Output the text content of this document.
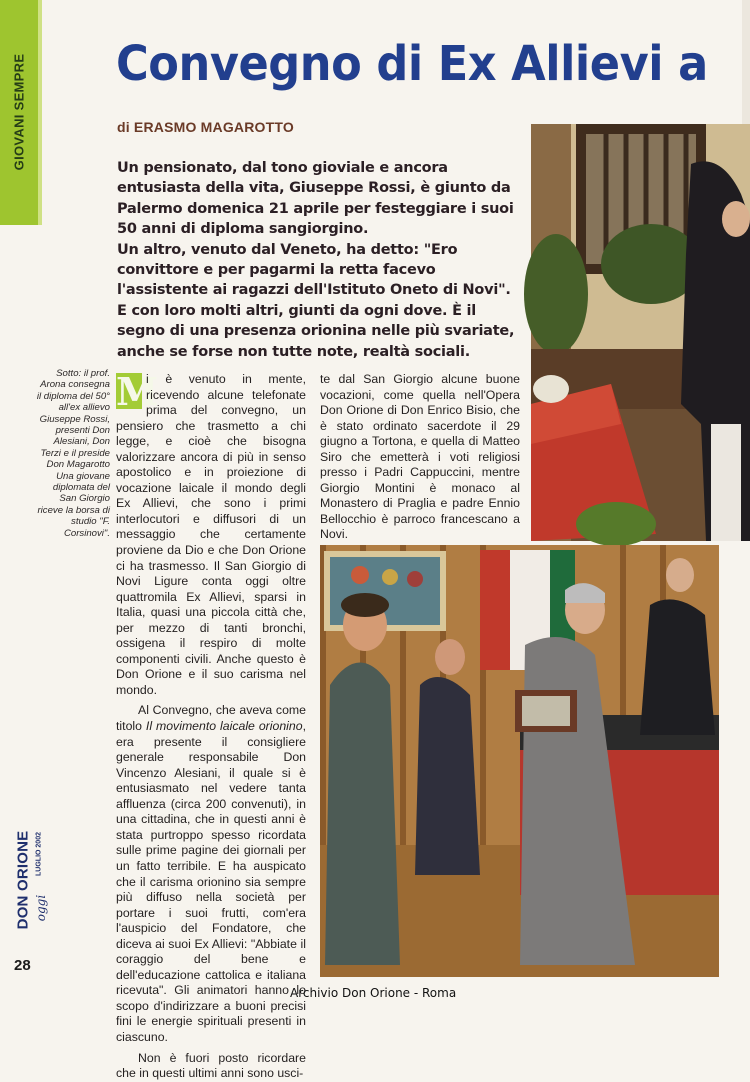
GIOVANI SEMPRE Convegno di Ex Allievi a

di ERASMO MAGAROTTO

Un pensionato, dal tono gioviale e ancora entusiasta della vita, Giuseppe Rossi, è giunto da Palermo domenica 21 aprile per festeggiare i suoi 50 anni di diploma sangiorgino.

Un altro, venuto dal Veneto, ha detto: "Ero convittore e per pagarmi la retta facevo l'assistente ai ragazzi dell'Istituto Oneto di Novi".

E con loro molti altri, giunti da ogni dove. È il segno di una presenza orionina nelle più svariate, anche se forse non tutte note, realtà sociali.

Sotto: il prof. Arona consegna il diploma del 50° all'ex allievo Giuseppe Rossi, presenti Don Alesiani, Don Terzi e il preside Don Magarotto Una giovane diplomata del San Giorgio riceve la borsa di studio "F. Corsinovi".

M
i è venuto in mente, ricevendo alcune telefonate prima del convegno, un pensiero che trasmetto a chi legge, e cioè che bisogna valorizzare ancora di più in senso apostolico e in proiezione di vocazione laicale il mondo degli Ex Allievi, che sono i primi interlocutori e diffusori di un messaggio che certamente proviene da Dio e che Don Orione ci ha trasmesso. Il San Giorgio di Novi Ligure conta oggi oltre quattromila Ex Allievi, sparsi in Italia, quasi una piccola città che, per mezzo di tanti bronchi, ossigena il respiro di molte componenti civili. Anche questo è Don Orione e il suo carisma nel mondo.

Al Convegno, che aveva come titolo Il movimento laicale orionino, era presente il consigliere generale responsabile Don Vincenzo Alesiani, il quale si è entusiasmato nel vedere tanta affluenza (circa 200 convenuti), in una cittadina, che in questi anni è stata purtroppo spesso ricordata sulle prime pagine dei giornali per un fatto terribile. E ha auspicato che il carisma orionino sia sempre più diffuso nella società per portare i suoi frutti, com'era l'auspicio del Fondatore, che diceva ai suoi Ex Allievi: "Abbiate il coraggio del bene e dell'educazione cattolica e italiana ricevuta". Gli animatori hanno lo scopo d'indirizzare a buoni precisi fini le energie spirituali presenti in ciascuno.

Non è fuori posto ricordare che in questi ultimi anni sono usci-

te dal San Giorgio alcune buone vocazioni, come quella nell'Opera Don Orione di Don Enrico Bisio, che è stato ordinato sacerdote il 29 giugno a Tortona, e quella di Matteo Siro che emetterà i voti religiosi presso i Padri Cappuccini, mentre Giorgio Montini è monaco al Monastero di Praglia e padre Ennio Bellocchio è parroco francescano a Novi.

DON ORIONE LUGLIO 2002
oggi

28

Archivio Don Orione - Roma
